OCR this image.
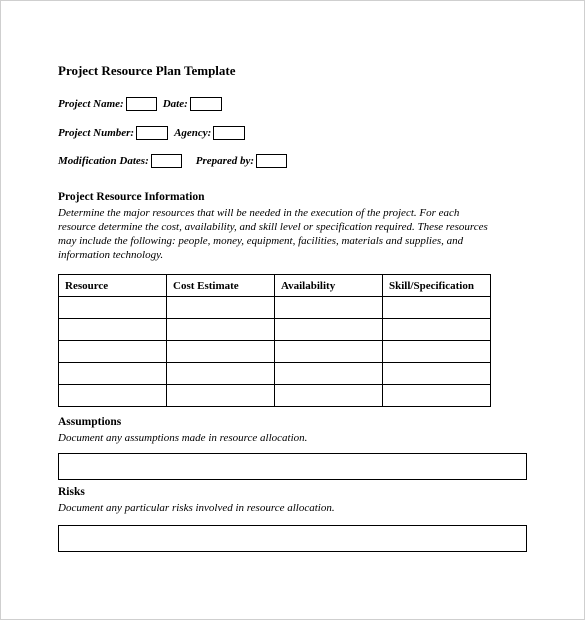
Project Resource Plan Template
Project Name:	Date:
Project Number:	Agency:
Modification Dates:	Prepared by:
Project Resource Information
Determine the major resources that will be needed in the execution of the project. For each
resource determine the cost, availability, and skill level or specification required. These resources
may include the following: people, money, equipment, facilities, materials and supplies, and
information technology.
Resource	Cost Estimate	Availability	Skill/Specification

Assumptions
Document any assumptions made in resource allocation.
Risks
Document any particular risks involved in resource allocation.
